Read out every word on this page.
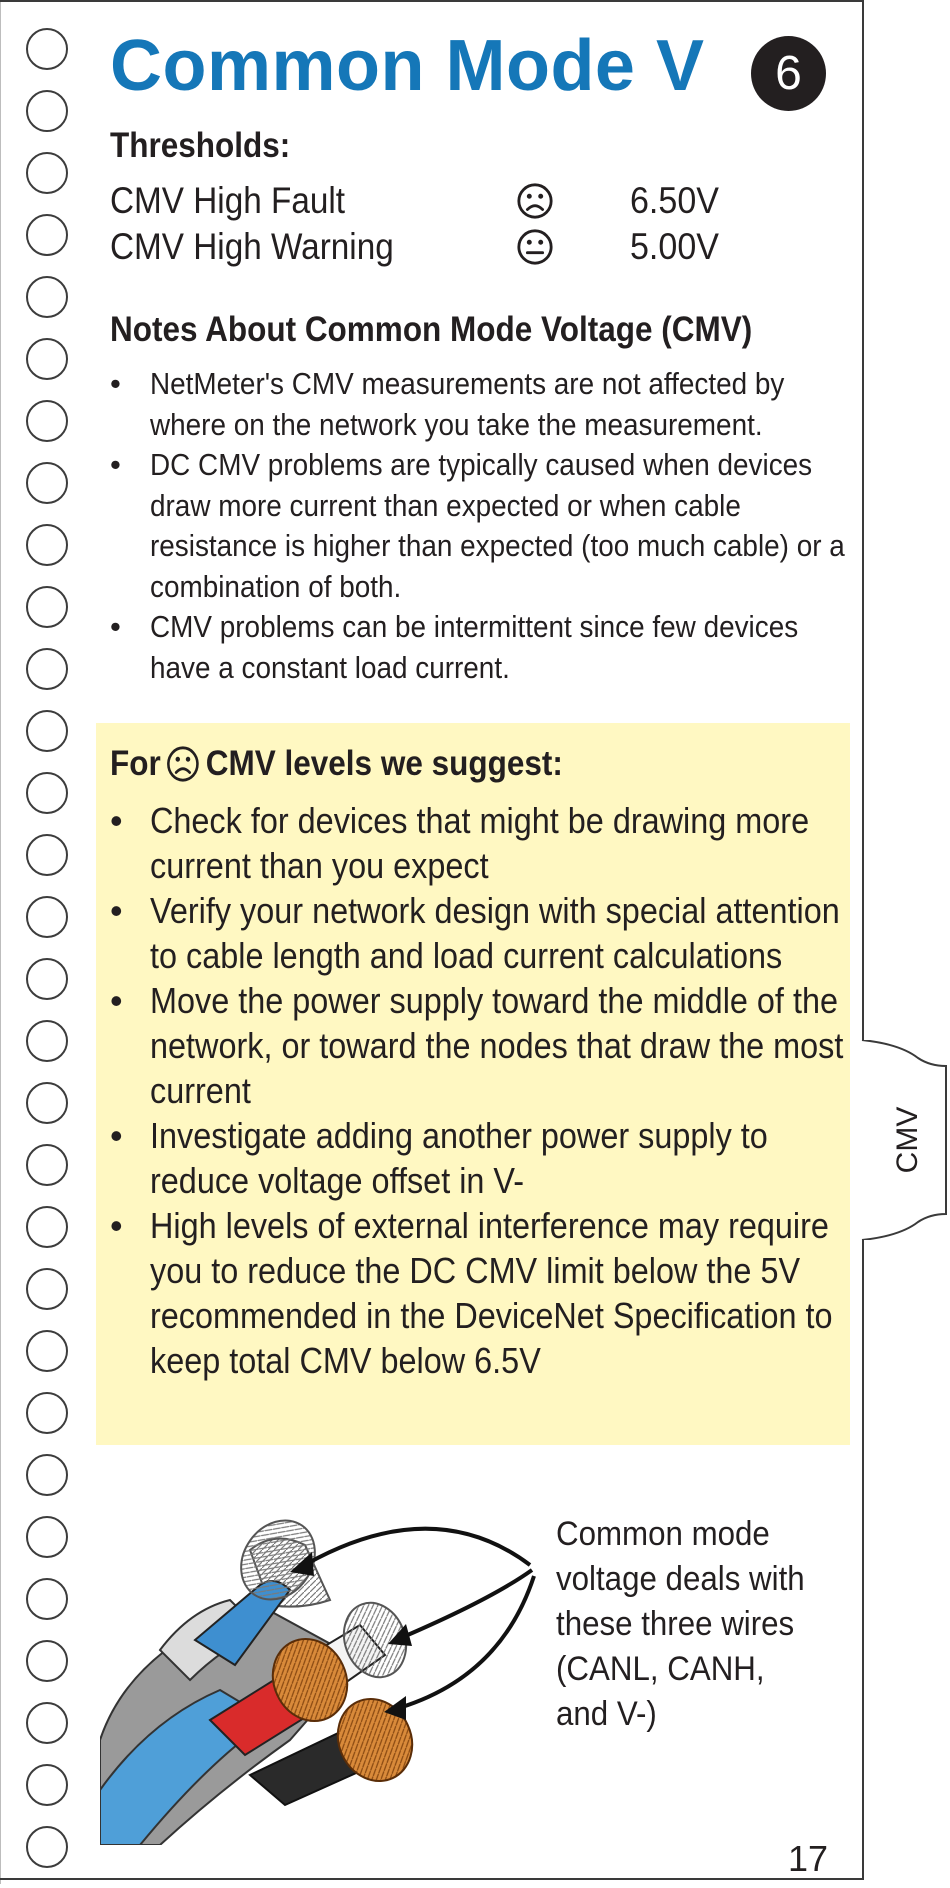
Common Mode V	6
Thresholds:
CMV High Fault	6.50V
CMV High Warning	5.00V
Notes About Common Mode Voltage (CMV)
• NetMeter's CMV measurements are not affected by where on the network you take the measurement.
• DC CMV problems are typically caused when devices draw more current than expected or when cable resistance is higher than expected (too much cable) or a combination of both.
• CMV problems can be intermittent since few devices have a constant load current.
For CMV levels we suggest:
• Check for devices that might be drawing more current than you expect
• Verify your network design with special attention to cable length and load current calculations
• Move the power supply toward the middle of the network, or toward the nodes that draw the most current
• Investigate adding another power supply to reduce voltage offset in V-
• High levels of external interference may require you to reduce the DC CMV limit below the 5V recommended in the DeviceNet Specification to keep total CMV below 6.5V
CMV
Common mode
voltage deals with
these three wires
(CANL, CANH,
and V-)
17
